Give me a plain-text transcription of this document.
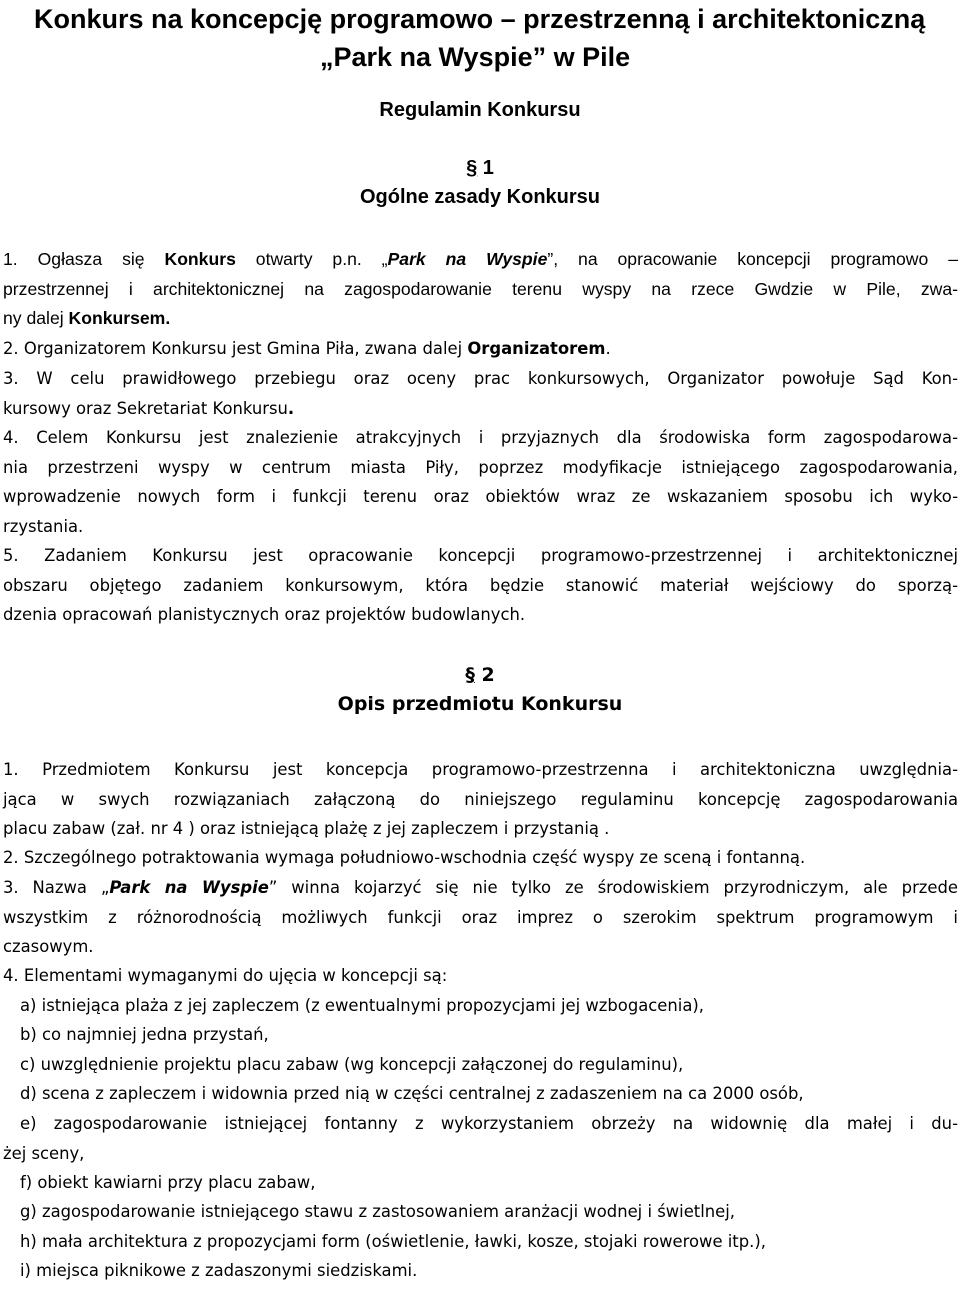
Konkurs na koncepcję programowo – przestrzenną i architektoniczną
„Park na Wyspie” w Pile
Regulamin Konkursu
§ 1
Ogólne zasady Konkursu
1. Ogłasza się Konkurs otwarty p.n. „Park na Wyspie”, na opracowanie koncepcji programowo –
przestrzennej i architektonicznej na zagospodarowanie terenu wyspy na rzece Gwdzie w Pile, zwa-
ny dalej Konkursem.
2. Organizatorem Konkursu jest Gmina Piła, zwana dalej Organizatorem.
3. W celu prawidłowego przebiegu oraz oceny prac konkursowych, Organizator powołuje Sąd Kon-
kursowy oraz Sekretariat Konkursu.
4. Celem Konkursu jest znalezienie atrakcyjnych i przyjaznych dla środowiska form zagospodarowa-
nia przestrzeni wyspy w centrum miasta Piły, poprzez modyfikacje istniejącego zagospodarowania,
wprowadzenie nowych form i funkcji terenu oraz obiektów wraz ze wskazaniem sposobu ich wyko-
rzystania.
5. Zadaniem Konkursu jest opracowanie koncepcji programowo-przestrzennej i architektonicznej
obszaru objętego zadaniem konkursowym, która będzie stanowić materiał wejściowy do sporzą-
dzenia opracowań planistycznych oraz projektów budowlanych.
§ 2
Opis przedmiotu Konkursu
1. Przedmiotem Konkursu jest koncepcja programowo-przestrzenna i architektoniczna uwzględnia-
jąca w swych rozwiązaniach załączoną do niniejszego regulaminu koncepcję zagospodarowania
placu zabaw (zał. nr 4 ) oraz istniejącą plażę z jej zapleczem i przystanią .
2. Szczególnego potraktowania wymaga południowo-wschodnia część wyspy ze sceną i fontanną.
3. Nazwa „Park na Wyspie” winna kojarzyć się nie tylko ze środowiskiem przyrodniczym, ale przede
wszystkim z różnorodnością możliwych funkcji oraz imprez o szerokim spektrum programowym i
czasowym.
4. Elementami wymaganymi do ujęcia w koncepcji są:

a) istniejąca plaża z jej zapleczem (z ewentualnymi propozycjami jej wzbogacenia),

b) co najmniej jedna przystań,

c) uwzględnienie projektu placu zabaw (wg koncepcji załączonej do regulaminu),

d) scena z zapleczem i widownia przed nią w części centralnej z zadaszeniem na ca 2000 osób,

e) zagospodarowanie istniejącej fontanny z wykorzystaniem obrzeży na widownię dla małej i du-
żej sceny,

f) obiekt kawiarni przy placu zabaw,

g) zagospodarowanie istniejącego stawu z zastosowaniem aranżacji wodnej i świetlnej,

h) mała architektura z propozycjami form (oświetlenie, ławki, kosze, stojaki rowerowe itp.),

i) miejsca piknikowe z zadaszonymi siedziskami.
